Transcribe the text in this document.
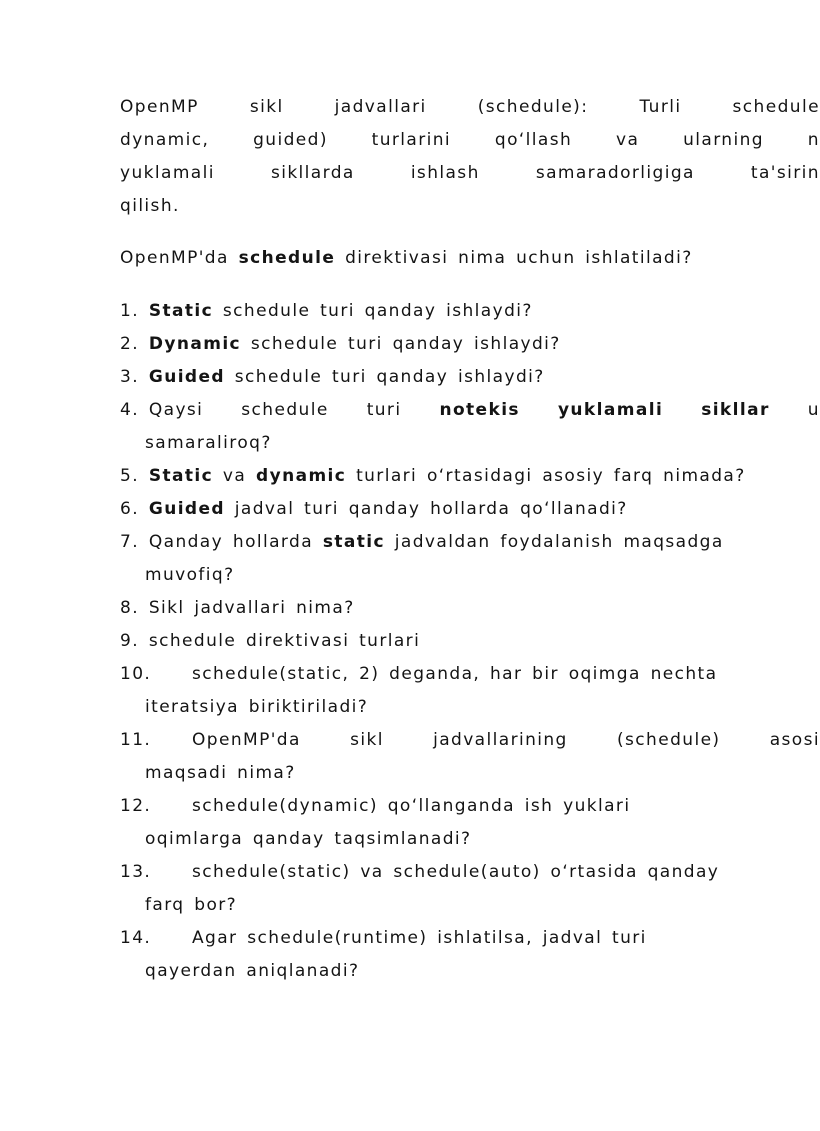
OpenMP	sikl	jadvallari	(schedule):	Turli	schedule
dynamic,	guided)	turlarini	qo‘llash	va	ularning	n
yuklamali	sikllarda	ishlash	samaradorligiga	ta'sirin
qilish.
OpenMP'da schedule direktivasi nima uchun ishlatiladi?
1. Static schedule turi qanday ishlaydi?
2. Dynamic schedule turi qanday ishlaydi?
3. Guided schedule turi qanday ishlaydi?
4. Qaysi schedule turi notekis yuklamali sikllar u
samaraliroq?
5. Static va dynamic turlari o‘rtasidagi asosiy farq nimada?
6. Guided jadval turi qanday hollarda qo‘llanadi?
7. Qanday hollarda static jadvaldan foydalanish maqsadga
muvofiq?
8. Sikl jadvallari nima?
9. schedule direktivasi turlari
10. schedule(static, 2) deganda, har bir oqimga nechta
iteratsiya biriktiriladi?
11. OpenMP'da	sikl	jadvallarining	(schedule)	asosi
maqsadi nima?
12. schedule(dynamic) qo‘llanganda ish yuklari
oqimlarga qanday taqsimlanadi?
13. schedule(static) va schedule(auto) o‘rtasida qanday
farq bor?
14. Agar schedule(runtime) ishlatilsa, jadval turi
qayerdan aniqlanadi?
